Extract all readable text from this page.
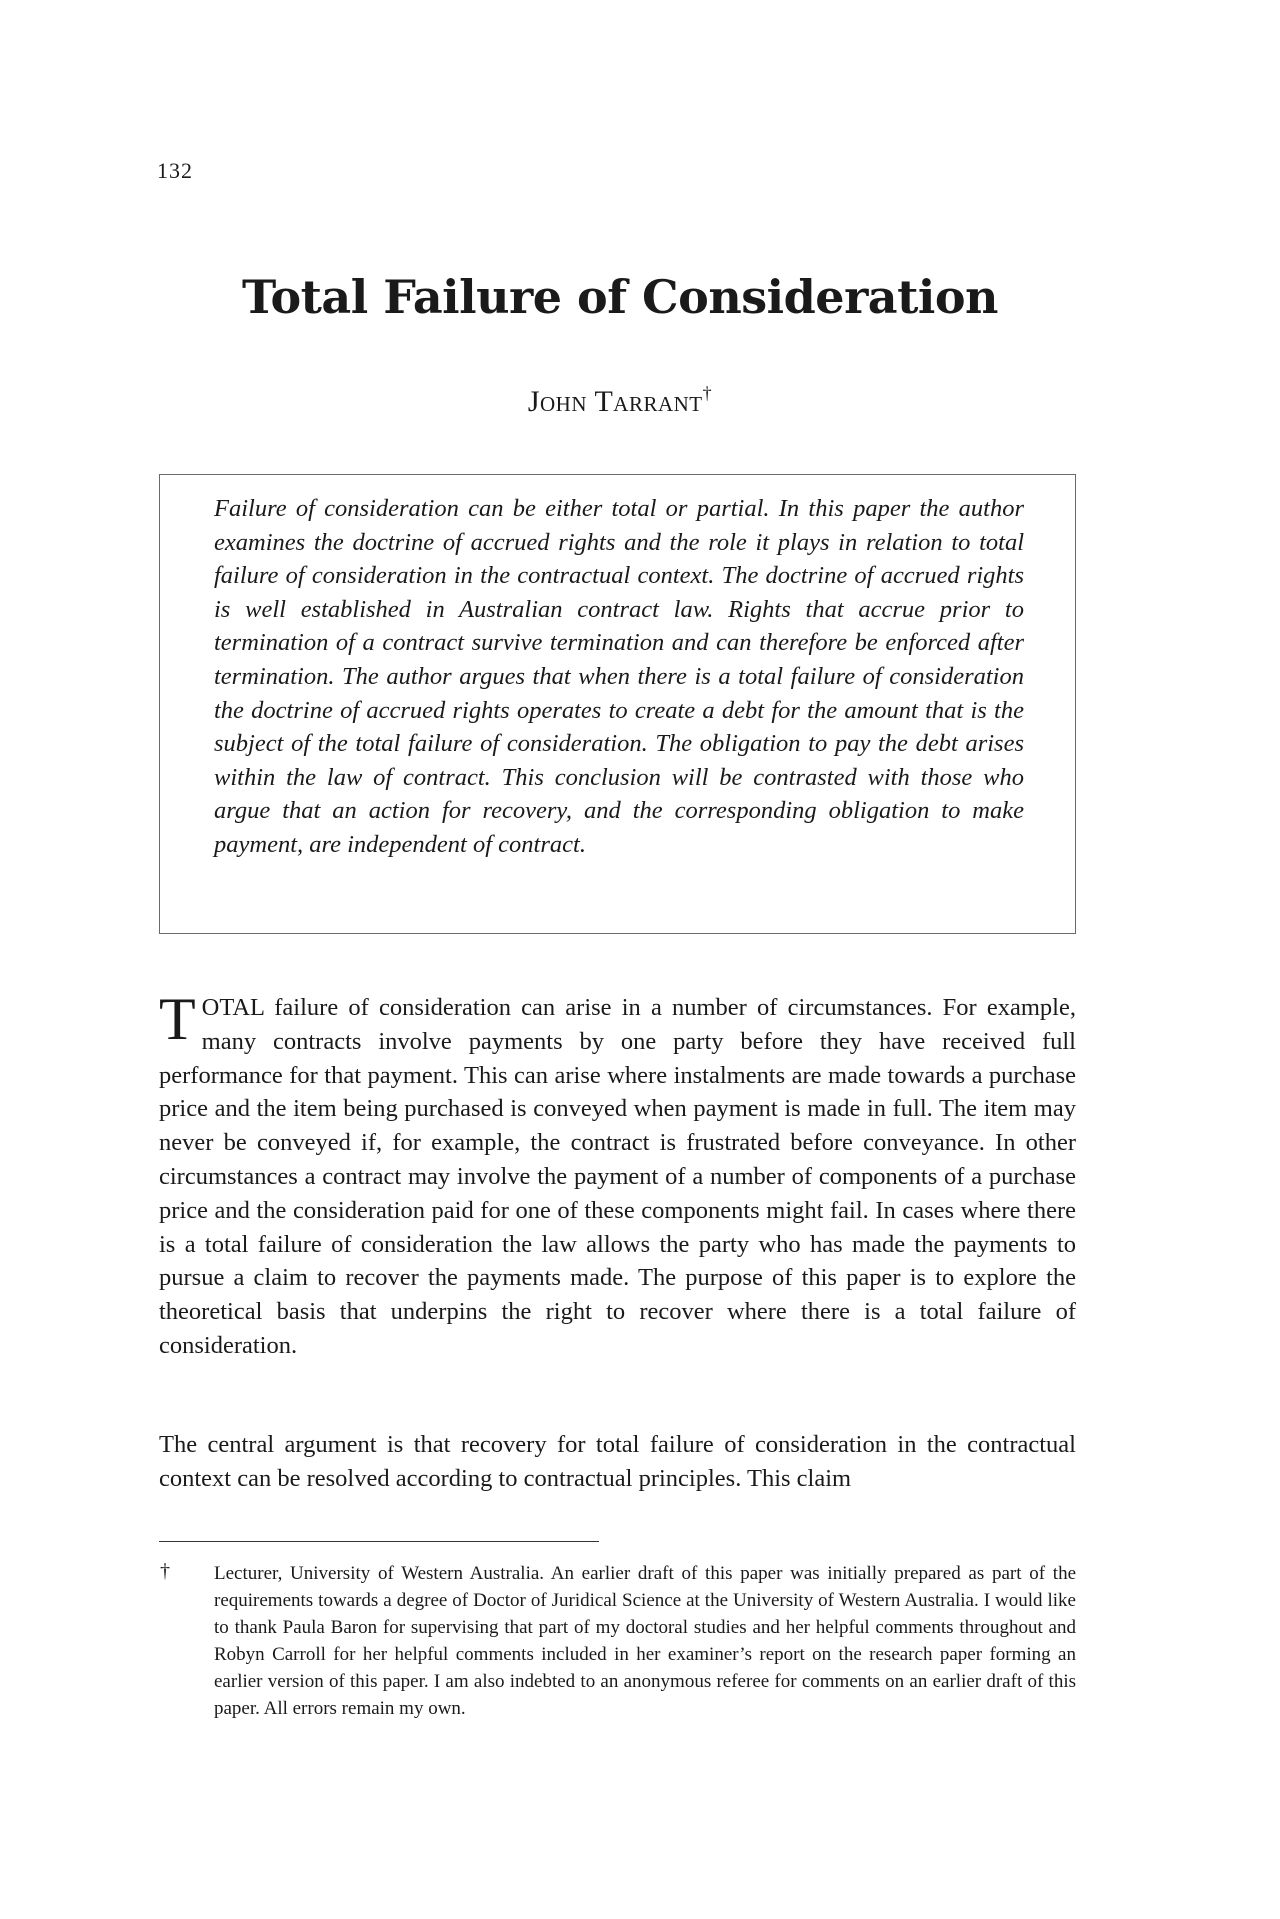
132
Total Failure of Consideration
John Tarrant†

Failure of consideration can be either total or partial. In this paper the author examines the doctrine of accrued rights and the role it plays in relation to total failure of consideration in the contractual context. The doctrine of accrued rights is well established in Australian contract law. Rights that accrue prior to termination of a contract survive termination and can therefore be enforced after termination. The author argues that when there is a total failure of consideration the doctrine of accrued rights operates to create a debt for the amount that is the subject of the total failure of consideration. The obligation to pay the debt arises within the law of contract. This conclusion will be contrasted with those who argue that an action for recovery, and the corresponding obligation to make payment, are independent of contract.

TOTAL failure of consideration can arise in a number of circumstances. For example, many contracts involve payments by one party before they have received full performance for that payment. This can arise where instalments are made towards a purchase price and the item being purchased is conveyed when payment is made in full. The item may never be conveyed if, for example, the contract is frustrated before conveyance. In other circumstances a contract may involve the payment of a number of components of a purchase price and the consideration paid for one of these components might fail. In cases where there is a total failure of consideration the law allows the party who has made the payments to pursue a claim to recover the payments made. The purpose of this paper is to explore the theoretical basis that underpins the right to recover where there is a total failure of consideration.

The central argument is that recovery for total failure of consideration in the contractual context can be resolved according to contractual principles. This claim

† Lecturer, University of Western Australia. An earlier draft of this paper was initially prepared as part of the requirements towards a degree of Doctor of Juridical Science at the University of Western Australia. I would like to thank Paula Baron for supervising that part of my doctoral studies and her helpful comments throughout and Robyn Carroll for her helpful comments included in her examiner’s report on the research paper forming an earlier version of this paper. I am also indebted to an anonymous referee for comments on an earlier draft of this paper. All errors remain my own.
